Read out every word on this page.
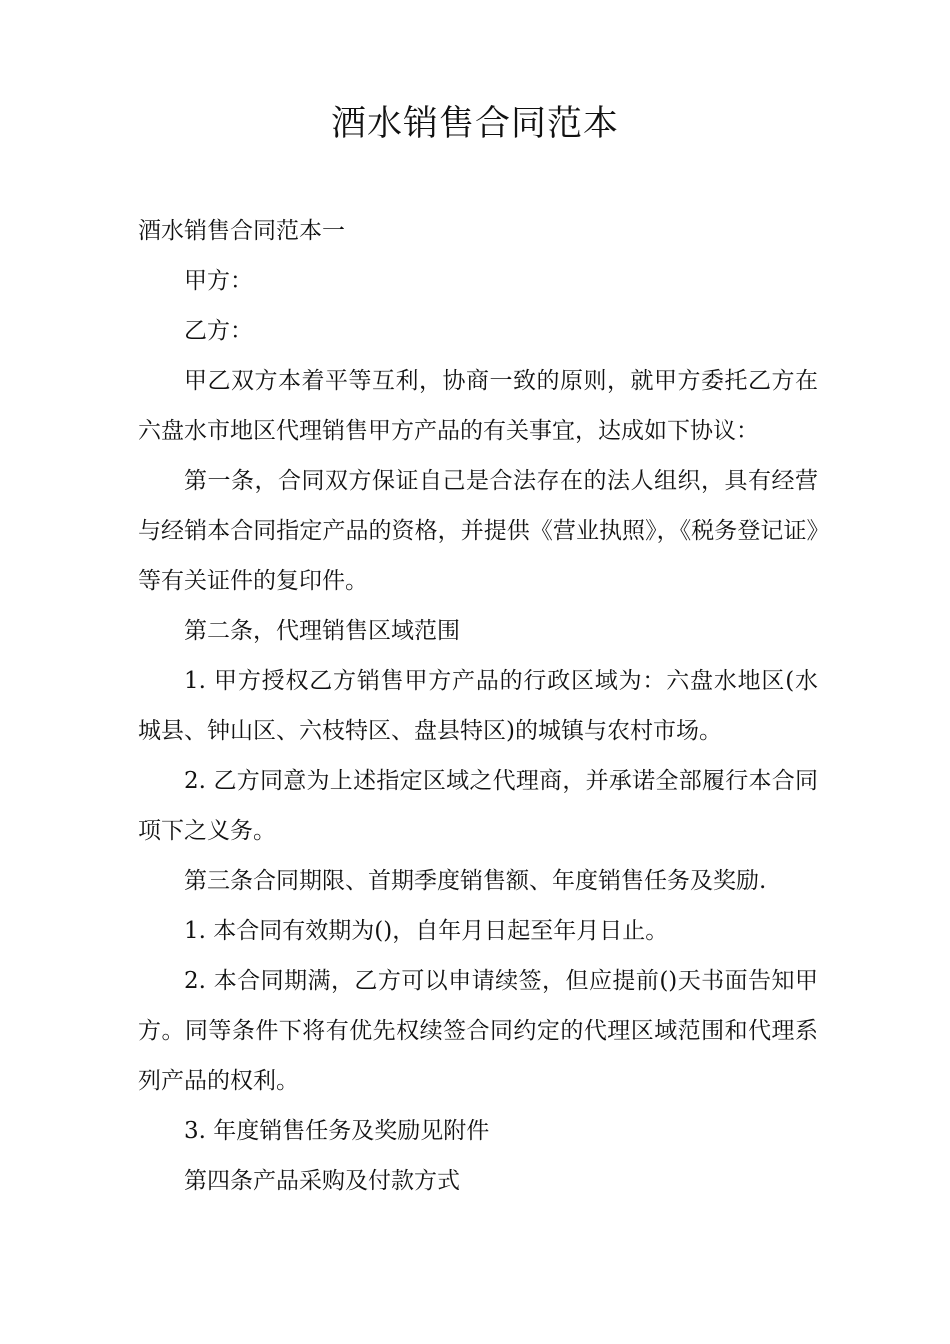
酒水销售合同范本

酒水销售合同范本一

甲方：

乙方：

甲乙双方本着平等互利，协商一致的原则，就甲方委托乙方在六盘水市地区代理销售甲方产品的有关事宜，达成如下协议：

第一条，合同双方保证自己是合法存在的法人组织，具有经营与经销本合同指定产品的资格，并提供《营业执照》，《税务登记证》等有关证件的复印件。

第二条，代理销售区域范围

1. 甲方授权乙方销售甲方产品的行政区域为：六盘水地区(水城县、钟山区、六枝特区、盘县特区)的城镇与农村市场。

2. 乙方同意为上述指定区域之代理商，并承诺全部履行本合同项下之义务。

第三条合同期限、首期季度销售额、年度销售任务及奖励.

1. 本合同有效期为()，自年月日起至年月日止。

2. 本合同期满，乙方可以申请续签，但应提前()天书面告知甲方。同等条件下将有优先权续签合同约定的代理区域范围和代理系列产品的权利。

3. 年度销售任务及奖励见附件

第四条产品采购及付款方式
